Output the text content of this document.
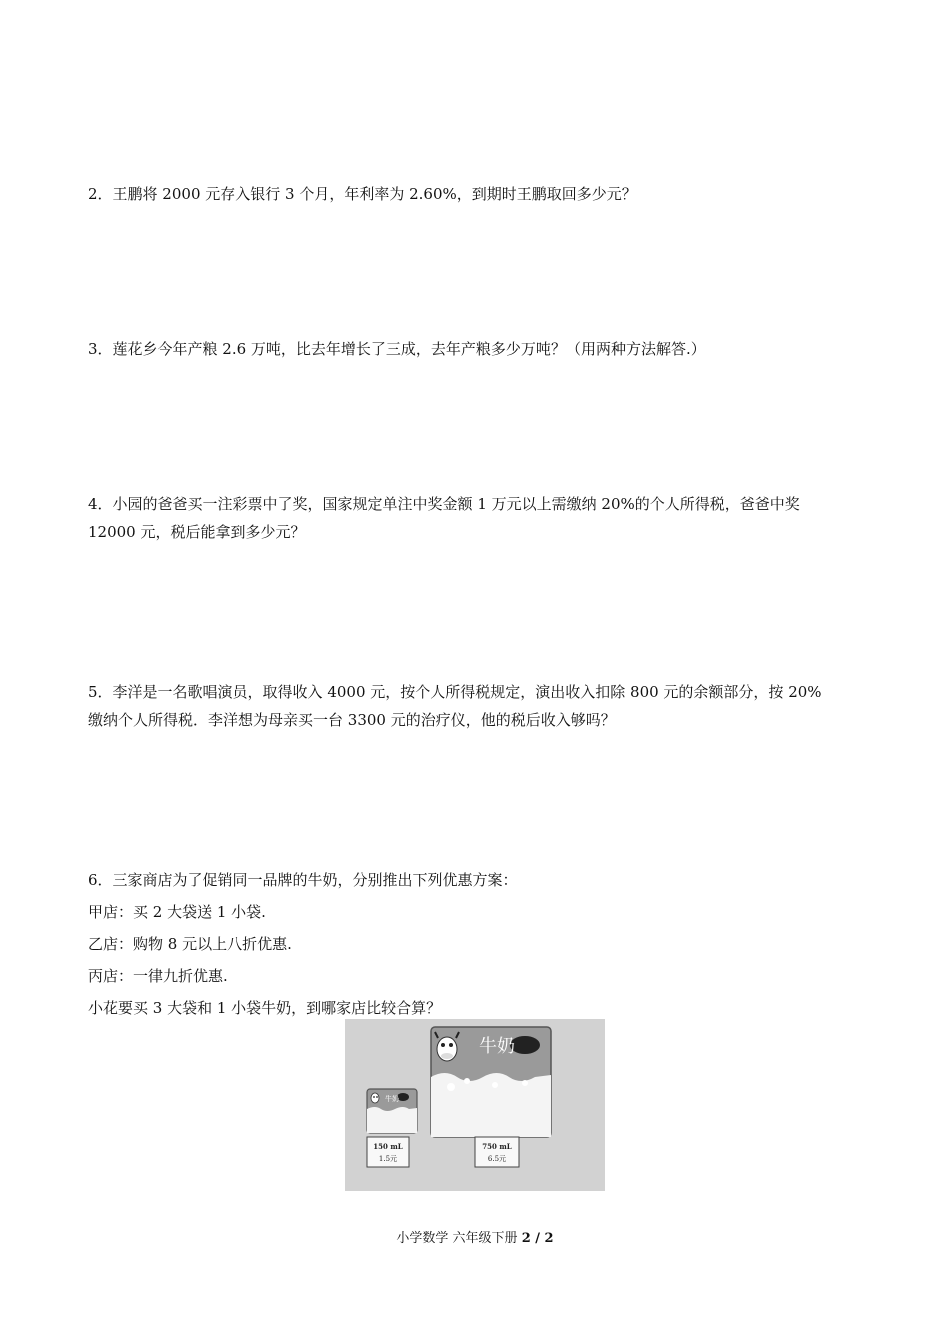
2．王鹏将 2000 元存入银行 3 个月，年利率为 2.60%，到期时王鹏取回多少元？

3．莲花乡今年产粮 2.6 万吨，比去年增长了三成，去年产粮多少万吨？（用两种方法解答.）

4．小园的爸爸买一注彩票中了奖，国家规定单注中奖金额 1 万元以上需缴纳 20%的个人所得税，爸爸中奖

12000 元，税后能拿到多少元？

5．李洋是一名歌唱演员，取得收入 4000 元，按个人所得税规定，演出收入扣除 800 元的余额部分，按 20%

缴纳个人所得税．李洋想为母亲买一台 3300 元的治疗仪，他的税后收入够吗？

6．三家商店为了促销同一品牌的牛奶，分别推出下列优惠方案：

甲店：买 2 大袋送 1 小袋.

乙店：购物 8 元以上八折优惠.

丙店：一律九折优惠.

小花要买 3 大袋和 1 小袋牛奶，到哪家店比较合算？

牛奶
牛奶
150 mL
1.5元
750 mL
6.5元
小学数学 六年级下册 2 / 2
